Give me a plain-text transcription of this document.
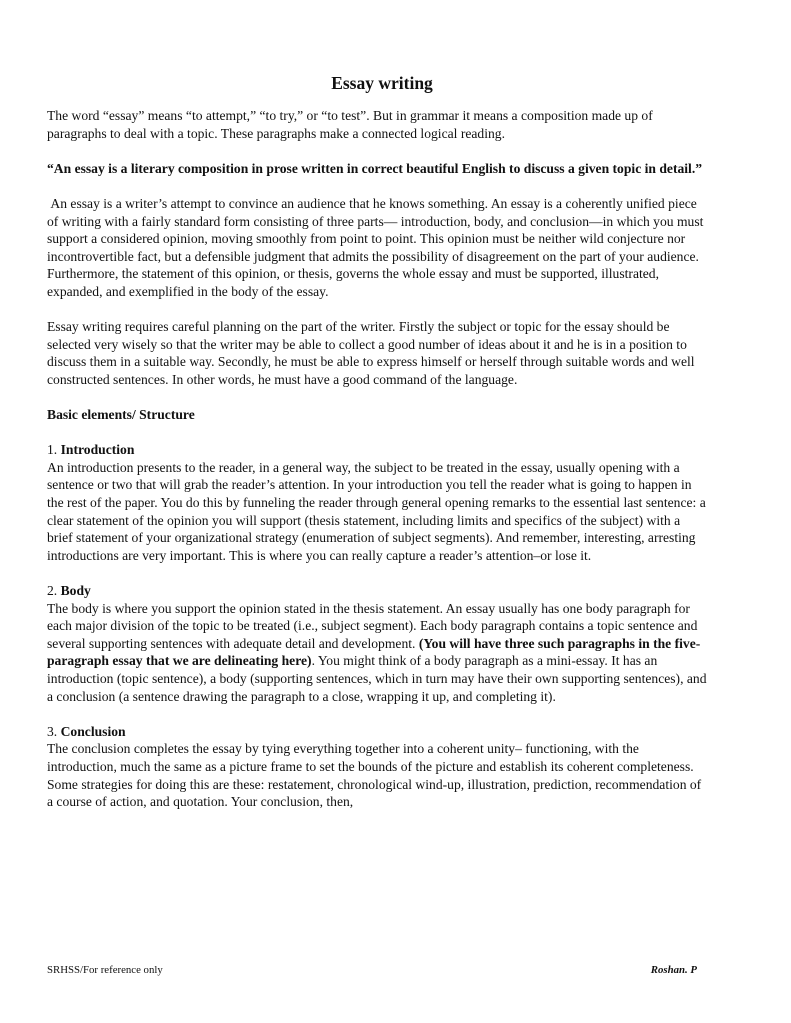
Essay writing

The word “essay” means “to attempt,” “to try,” or “to test”. But in grammar it means a composition made up of paragraphs to deal with a topic. These paragraphs make a connected logical reading.

“An essay is a literary composition in prose written in correct beautiful English to discuss a given topic in detail.”

An essay is a writer’s attempt to convince an audience that he knows something. An essay is a coherently unified piece of writing with a fairly standard form consisting of three parts— introduction, body, and conclusion—in which you must support a considered opinion, moving smoothly from point to point. This opinion must be neither wild conjecture nor incontrovertible fact, but a defensible judgment that admits the possibility of disagreement on the part of your audience. Furthermore, the statement of this opinion, or thesis, governs the whole essay and must be supported, illustrated, expanded, and exemplified in the body of the essay.

Essay writing requires careful planning on the part of the writer. Firstly the subject or topic for the essay should be selected very wisely so that the writer may be able to collect a good number of ideas about it and he is in a position to discuss them in a suitable way. Secondly, he must be able to express himself or herself through suitable words and well constructed sentences. In other words, he must have a good command of the language.

Basic elements/ Structure

1. Introduction

An introduction presents to the reader, in a general way, the subject to be treated in the essay, usually opening with a sentence or two that will grab the reader’s attention. In your introduction you tell the reader what is going to happen in the rest of the paper. You do this by funneling the reader through general opening remarks to the essential last sentence: a clear statement of the opinion you will support (thesis statement, including limits and specifics of the subject) with a brief statement of your organizational strategy (enumeration of subject segments). And remember, interesting, arresting introductions are very important. This is where you can really capture a reader’s attention–or lose it.

2. Body

The body is where you support the opinion stated in the thesis statement. An essay usually has one body paragraph for each major division of the topic to be treated (i.e., subject segment). Each body paragraph contains a topic sentence and several supporting sentences with adequate detail and development. (You will have three such paragraphs in the five-paragraph essay that we are delineating here). You might think of a body paragraph as a mini-essay. It has an introduction (topic sentence), a body (supporting sentences, which in turn may have their own supporting sentences), and a conclusion (a sentence drawing the paragraph to a close, wrapping it up, and completing it).

3. Conclusion

The conclusion completes the essay by tying everything together into a coherent unity– functioning, with the introduction, much the same as a picture frame to set the bounds of the picture and establish its coherent completeness. Some strategies for doing this are these: restatement, chronological wind-up, illustration, prediction, recommendation of a course of action, and quotation. Your conclusion, then,

SRHSS/For reference only	Roshan. P
